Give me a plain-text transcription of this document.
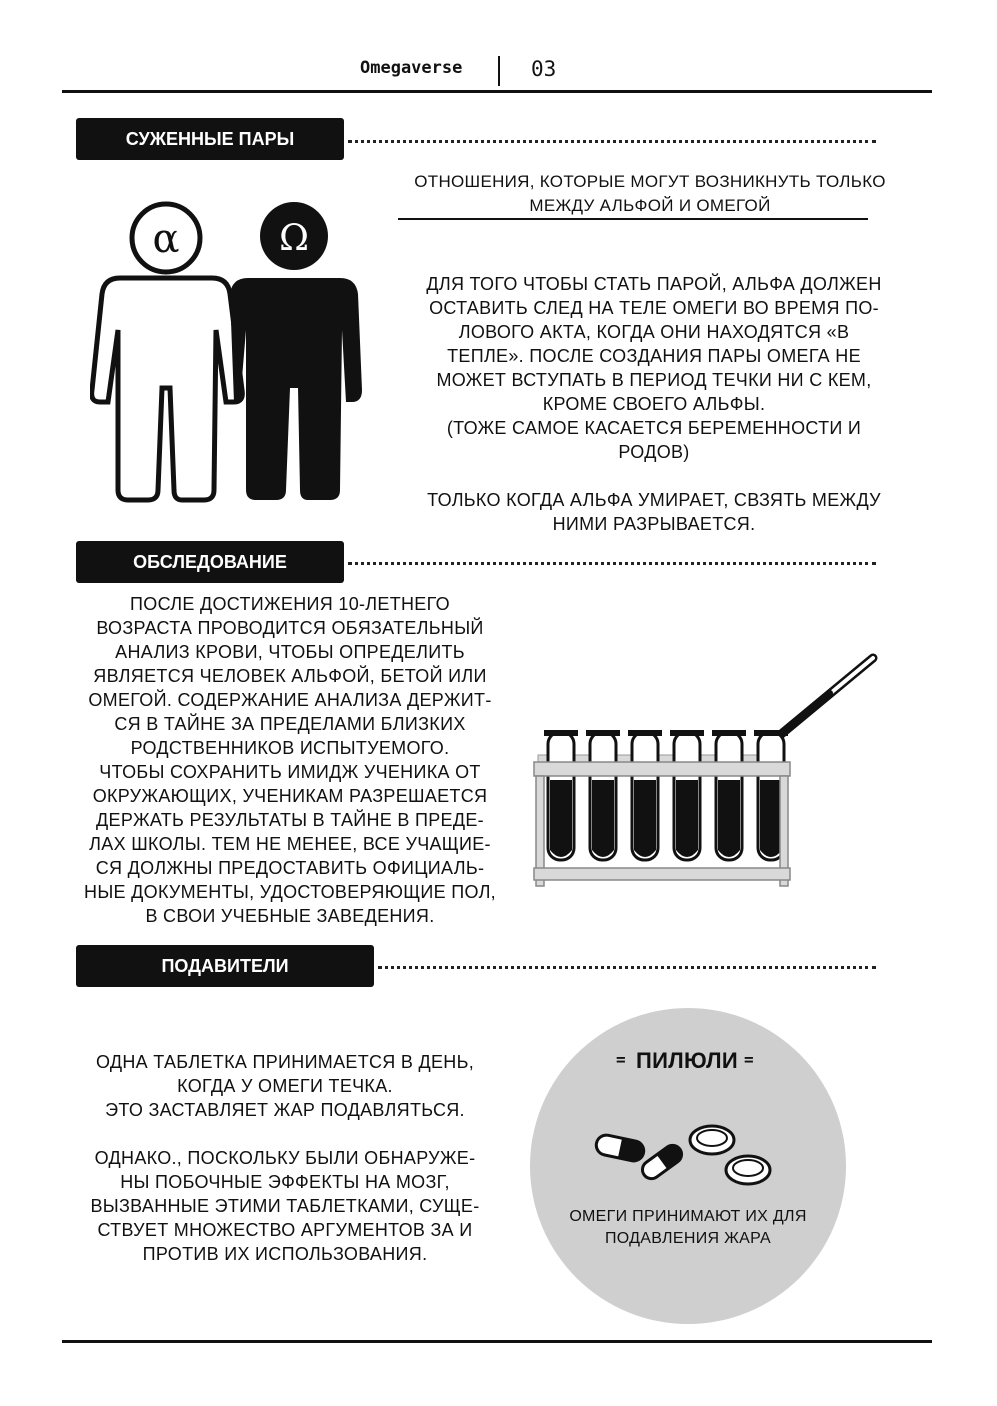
Omegaverse	03
СУЖЕННЫЕ ПАРЫ
ОТНОШЕНИЯ, КОТОРЫЕ МОГУТ ВОЗНИКНУТЬ ТОЛЬКО
МЕЖДУ АЛЬФОЙ И ОМЕГОЙ
α	Ω
ДЛЯ ТОГО ЧТОБЫ СТАТЬ ПАРОЙ, АЛЬФА ДОЛЖЕН
ОСТАВИТЬ СЛЕД НА ТЕЛЕ ОМЕГИ ВО ВРЕМЯ ПО-
ЛОВОГО АКТА, КОГДА ОНИ НАХОДЯТСЯ «В
ТЕПЛЕ». ПОСЛЕ СОЗДАНИЯ ПАРЫ ОМЕГА НЕ
МОЖЕТ ВСТУПАТЬ В ПЕРИОД ТЕЧКИ НИ С КЕМ,
КРОМЕ СВОЕГО АЛЬФЫ.
(ТОЖЕ САМОЕ КАСАЕТСЯ БЕРЕМЕННОСТИ И
РОДОВ)
ТОЛЬКО КОГДА АЛЬФА УМИРАЕТ, СВЗЯТЬ МЕЖДУ
НИМИ РАЗРЫВАЕТСЯ.
ОБСЛЕДОВАНИЕ
ПОСЛЕ ДОСТИЖЕНИЯ 10-ЛЕТНЕГО
ВОЗРАСТА ПРОВОДИТСЯ ОБЯЗАТЕЛЬНЫЙ
АНАЛИЗ КРОВИ, ЧТОБЫ ОПРЕДЕЛИТЬ
ЯВЛЯЕТСЯ ЧЕЛОВЕК АЛЬФОЙ, БЕТОЙ ИЛИ
ОМЕГОЙ. СОДЕРЖАНИЕ АНАЛИЗА ДЕРЖИТ-
СЯ В ТАЙНЕ ЗА ПРЕДЕЛАМИ БЛИЗКИХ
РОДСТВЕННИКОВ ИСПЫТУЕМОГО.
ЧТОБЫ СОХРАНИТЬ ИМИДЖ УЧЕНИКА ОТ
ОКРУЖАЮЩИХ, УЧЕНИКАМ РАЗРЕШАЕТСЯ
ДЕРЖАТЬ РЕЗУЛЬТАТЫ В ТАЙНЕ В ПРЕДЕ-
ЛАХ ШКОЛЫ. ТЕМ НЕ МЕНЕЕ, ВСЕ УЧАЩИЕ-
СЯ ДОЛЖНЫ ПРЕДОСТАВИТЬ ОФИЦИАЛЬ-
НЫЕ ДОКУМЕНТЫ, УДОСТОВЕРЯЮЩИЕ ПОЛ,
В СВОИ УЧЕБНЫЕ ЗАВЕДЕНИЯ.
ПОДАВИТЕЛИ
ОДНА ТАБЛЕТКА ПРИНИМАЕТСЯ В ДЕНЬ,
КОГДА У ОМЕГИ ТЕЧКА.
ЭТО ЗАСТАВЛЯЕТ ЖАР ПОДАВЛЯТЬСЯ.
ОДНАКО., ПОСКОЛЬКУ БЫЛИ ОБНАРУЖЕ-
НЫ ПОБОЧНЫЕ ЭФФЕКТЫ НА МОЗГ,
ВЫЗВАННЫЕ ЭТИМИ ТАБЛЕТКАМИ, СУЩЕ-
СТВУЕТ МНОЖЕСТВО АРГУМЕНТОВ ЗА И
ПРОТИВ ИХ ИСПОЛЬЗОВАНИЯ.
= ПИЛЮЛИ =
ОМЕГИ ПРИНИМАЮТ ИХ ДЛЯ
ПОДАВЛЕНИЯ ЖАРА
